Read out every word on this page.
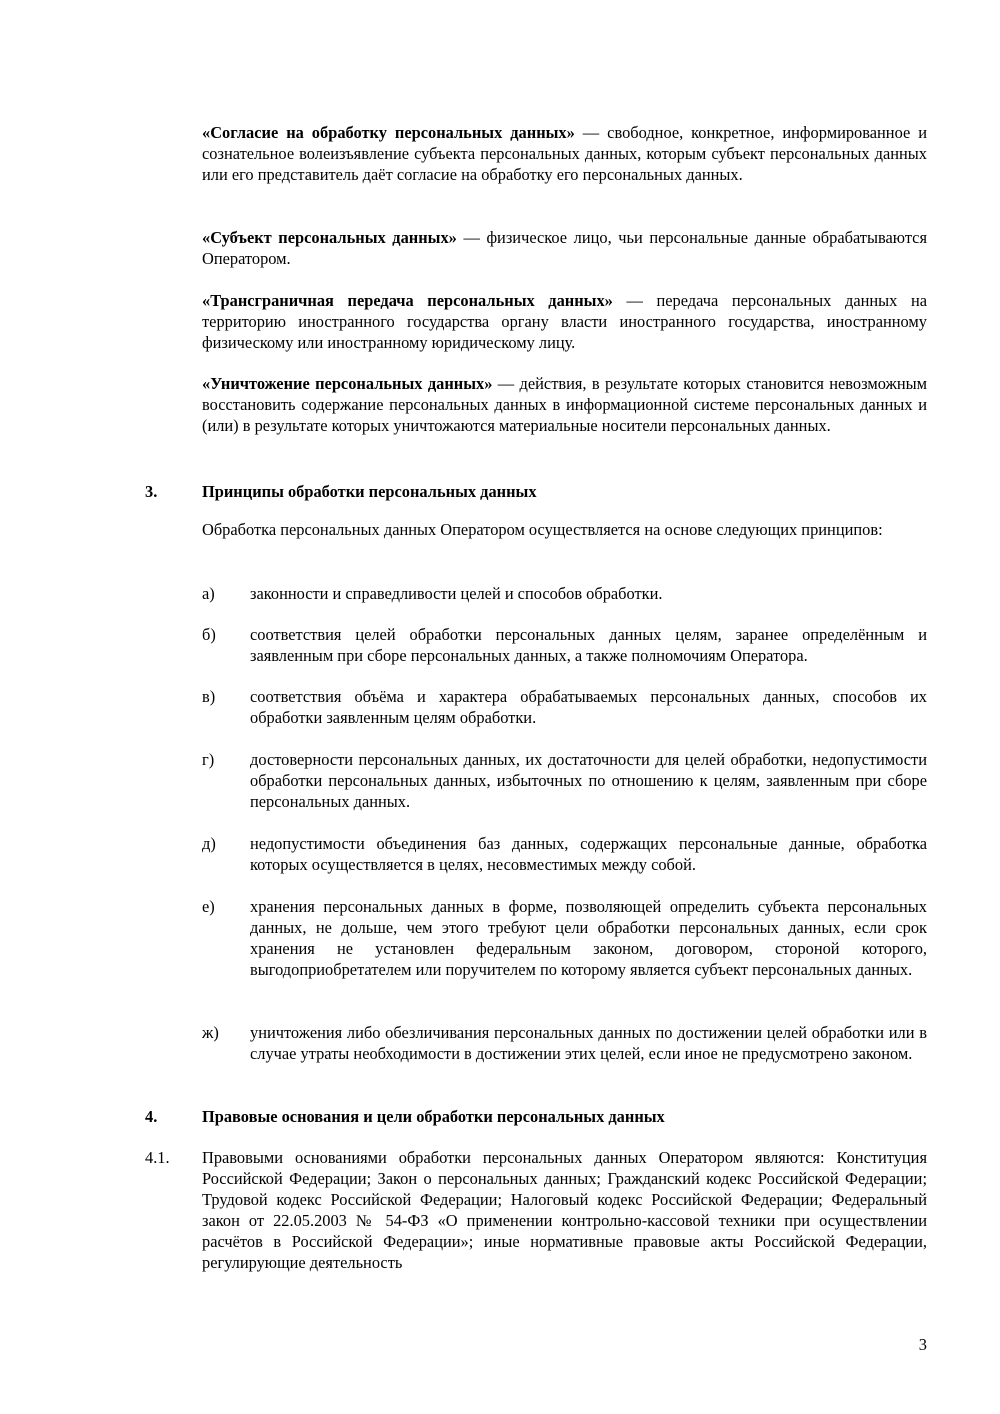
«Согласие на обработку персональных данных» — свободное, конкретное, информированное и сознательное волеизъявление субъекта персональных данных, которым субъект персональных данных или его представитель даёт согласие на обработку его персональных данных.

«Субъект персональных данных» — физическое лицо, чьи персональные данные обрабатываются Оператором.

«Трансграничная передача персональных данных» — передача персональных данных на территорию иностранного государства органу власти иностранного государства, иностранному физическому или иностранному юридическому лицу.

«Уничтожение персональных данных» — действия, в результате которых становится невозможным восстановить содержание персональных данных в информационной системе персональных данных и (или) в результате которых уничтожаются материальные носители персональных данных.

3.	Принципы обработки персональных данных

Обработка персональных данных Оператором осуществляется на основе следующих принципов:

а) законности и справедливости целей и способов обработки.
б) соответствия целей обработки персональных данных целям, заранее определённым и заявленным при сборе персональных данных, а также полномочиям Оператора.
в) соответствия объёма и характера обрабатываемых персональных данных, способов их обработки заявленным целям обработки.
г) достоверности персональных данных, их достаточности для целей обработки, недопустимости обработки персональных данных, избыточных по отношению к целям, заявленным при сборе персональных данных.
д) недопустимости объединения баз данных, содержащих персональные данные, обработка которых осуществляется в целях, несовместимых между собой.
е) хранения персональных данных в форме, позволяющей определить субъекта персональных данных, не дольше, чем этого требуют цели обработки персональных данных, если срок хранения не установлен федеральным законом, договором, стороной которого, выгодоприобретателем или поручителем по которому является субъект персональных данных.
ж) уничтожения либо обезличивания персональных данных по достижении целей обработки или в случае утраты необходимости в достижении этих целей, если иное не предусмотрено законом.
4.	Правовые основания и цели обработки персональных данных
4.1. Правовыми основаниями обработки персональных данных Оператором являются: Конституция Российской Федерации; Закон о персональных данных; Гражданский кодекс Российской Федерации; Трудовой кодекс Российской Федерации; Налоговый кодекс Российской Федерации; Федеральный закон от 22.05.2003 № 54-ФЗ «О применении контрольно-кассовой техники при осуществлении расчётов в Российской Федерации»; иные нормативные правовые акты Российской Федерации, регулирующие деятельность
3
